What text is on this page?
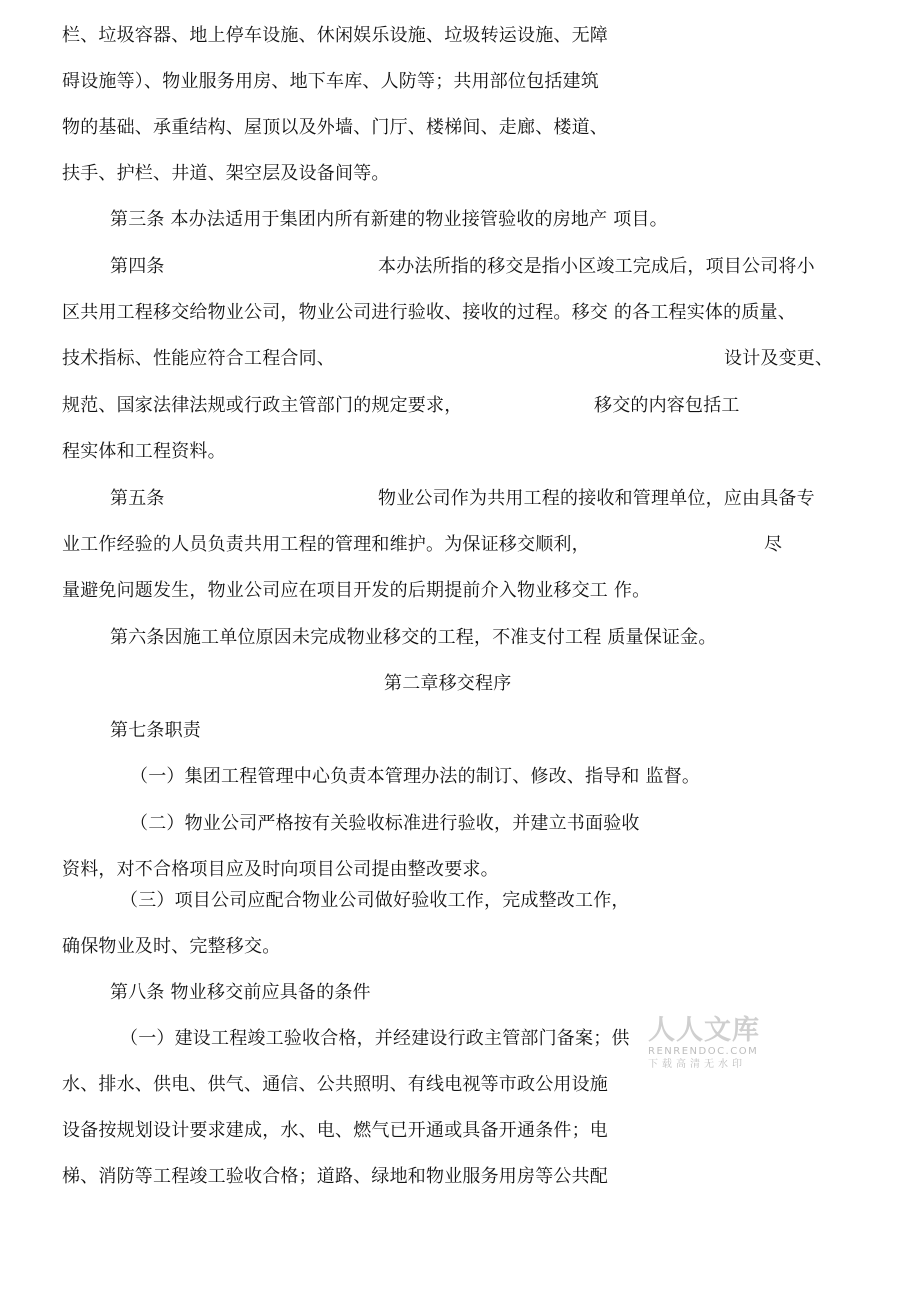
栏、垃圾容器、地上停车设施、休闲娱乐设施、垃圾转运设施、无障
碍设施等）、物业服务用房、地下车库、人防等；共用部位包括建筑
物的基础、承重结构、屋顶以及外墙、门厅、楼梯间、走廊、楼道、
扶手、护栏、井道、架空层及设备间等。
第三条 本办法适用于集团内所有新建的物业接管验收的房地产 项目。
第四条	本办法所指的移交是指小区竣工完成后，项目公司将小
区共用工程移交给物业公司，物业公司进行验收、接收的过程。移交 的各工程实体的质量、
技术指标、性能应符合工程合同、	设计及变更、
规范、国家法律法规或行政主管部门的规定要求，	移交的内容包括工
程实体和工程资料。
第五条	物业公司作为共用工程的接收和管理单位，应由具备专
业工作经验的人员负责共用工程的管理和维护。为保证移交顺利，	尽
量避免问题发生，物业公司应在项目开发的后期提前介入物业移交工 作。
第六条因施工单位原因未完成物业移交的工程，不准支付工程 质量保证金。
第二章移交程序
第七条职责
（一）集团工程管理中心负责本管理办法的制订、修改、指导和 监督。
（二）物业公司严格按有关验收标准进行验收，并建立书面验收
资料，对不合格项目应及时向项目公司提由整改要求。
（三）项目公司应配合物业公司做好验收工作，完成整改工作，
确保物业及时、完整移交。
第八条 物业移交前应具备的条件
（一）建设工程竣工验收合格，并经建设行政主管部门备案；供
水、排水、供电、供气、通信、公共照明、有线电视等市政公用设施
设备按规划设计要求建成，水、电、燃气已开通或具备开通条件；电
梯、消防等工程竣工验收合格；道路、绿地和物业服务用房等公共配
人人文库
RENRENDOC.COM
下载高清无水印
